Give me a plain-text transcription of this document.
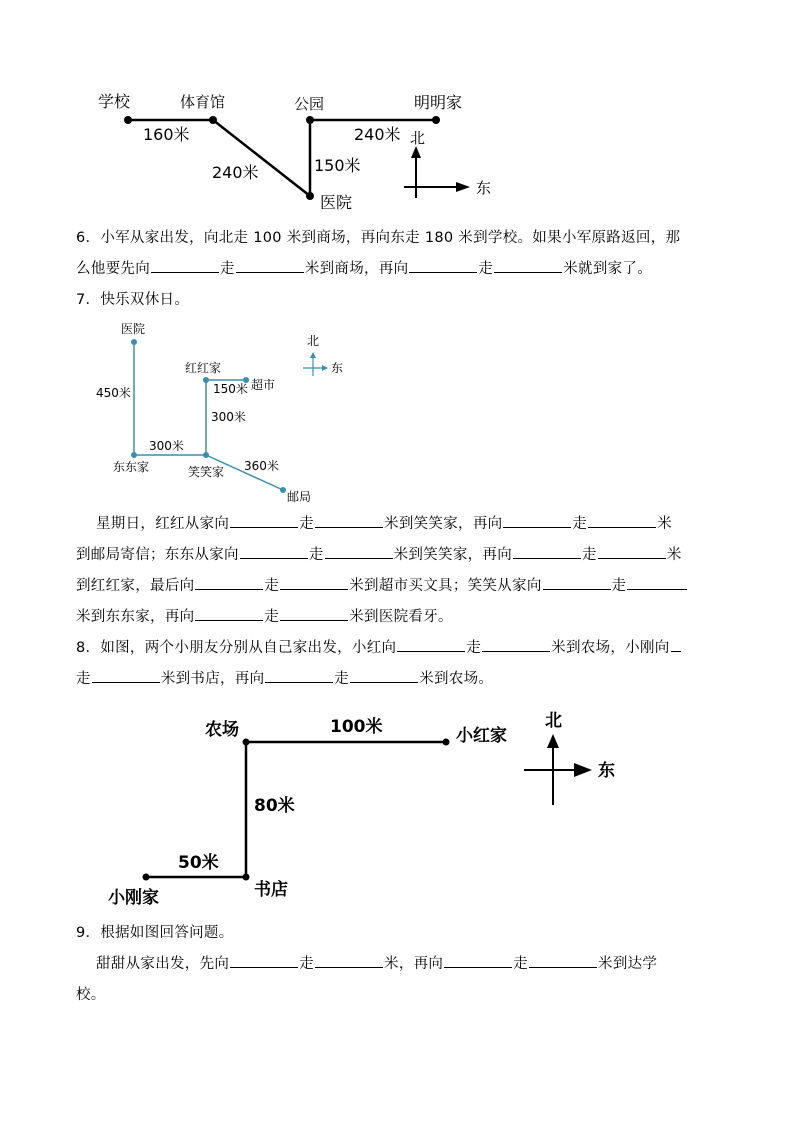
学校	体育馆	公园	明明家
医院
160米
240米	150米
240米 北
东
医院
红红家
超市
东东家	笑笑家
邮局
450米	150米
300米
300米
360米
北
东
农场	小红家
书店
小刚家
100米
80米
50米
北
东

6．小军从家出发，向北走 100 米到商场，再向东走 180 米到学校。如果小军原路返回，那

么他要先向	走	米到商场，再向	走	米就到家了。

7．快乐双休日。

星期日，红红从家向	走	米到笑笑家，再向	走	米

到邮局寄信；东东从家向	走	米到笑笑家，再向	走	米

到红红家，最后向	走	米到超市买文具；笑笑从家向	走

米到东东家，再向	走	米到医院看牙。

8．如图，两个小朋友分别从自己家出发，小红向	走	米到农场，小刚向

走	米到书店，再向	走	米到农场。

9．根据如图回答问题。

甜甜从家出发，先向	走	米，再向	走	米到达学

校。
